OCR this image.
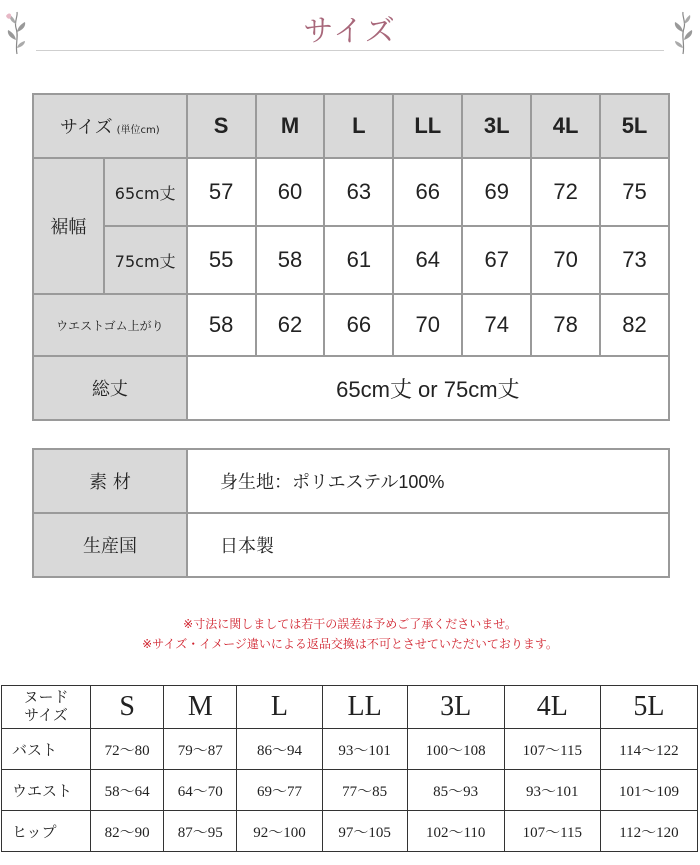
サイズ
サイズ (単位cm)		S	M	L	LL	3L	4L	5L
裾幅	65cm丈	57	60	63	66	69	72	75
	75cm丈	55	58	61	64	67	70	73
ウエストゴム上がり		58	62	66	70	74	78	82
総丈		65cm丈 or 75cm丈						
素 材	身生地：ポリエステル100%
生産国	日本製
※寸法に関しましては若干の誤差は予めご了承くださいませ。
※サイズ・イメージ違いによる返品交換は不可とさせていただいております。
ヌード
サイズ	S	M	L	LL	3L	4L	5L
バスト	72〜80	79〜87	86〜94	93〜101	100〜108	107〜115	114〜122
ウエスト	58〜64	64〜70	69〜77	77〜85	85〜93	93〜101	101〜109
ヒップ	82〜90	87〜95	92〜100	97〜105	102〜110	107〜115	112〜120
